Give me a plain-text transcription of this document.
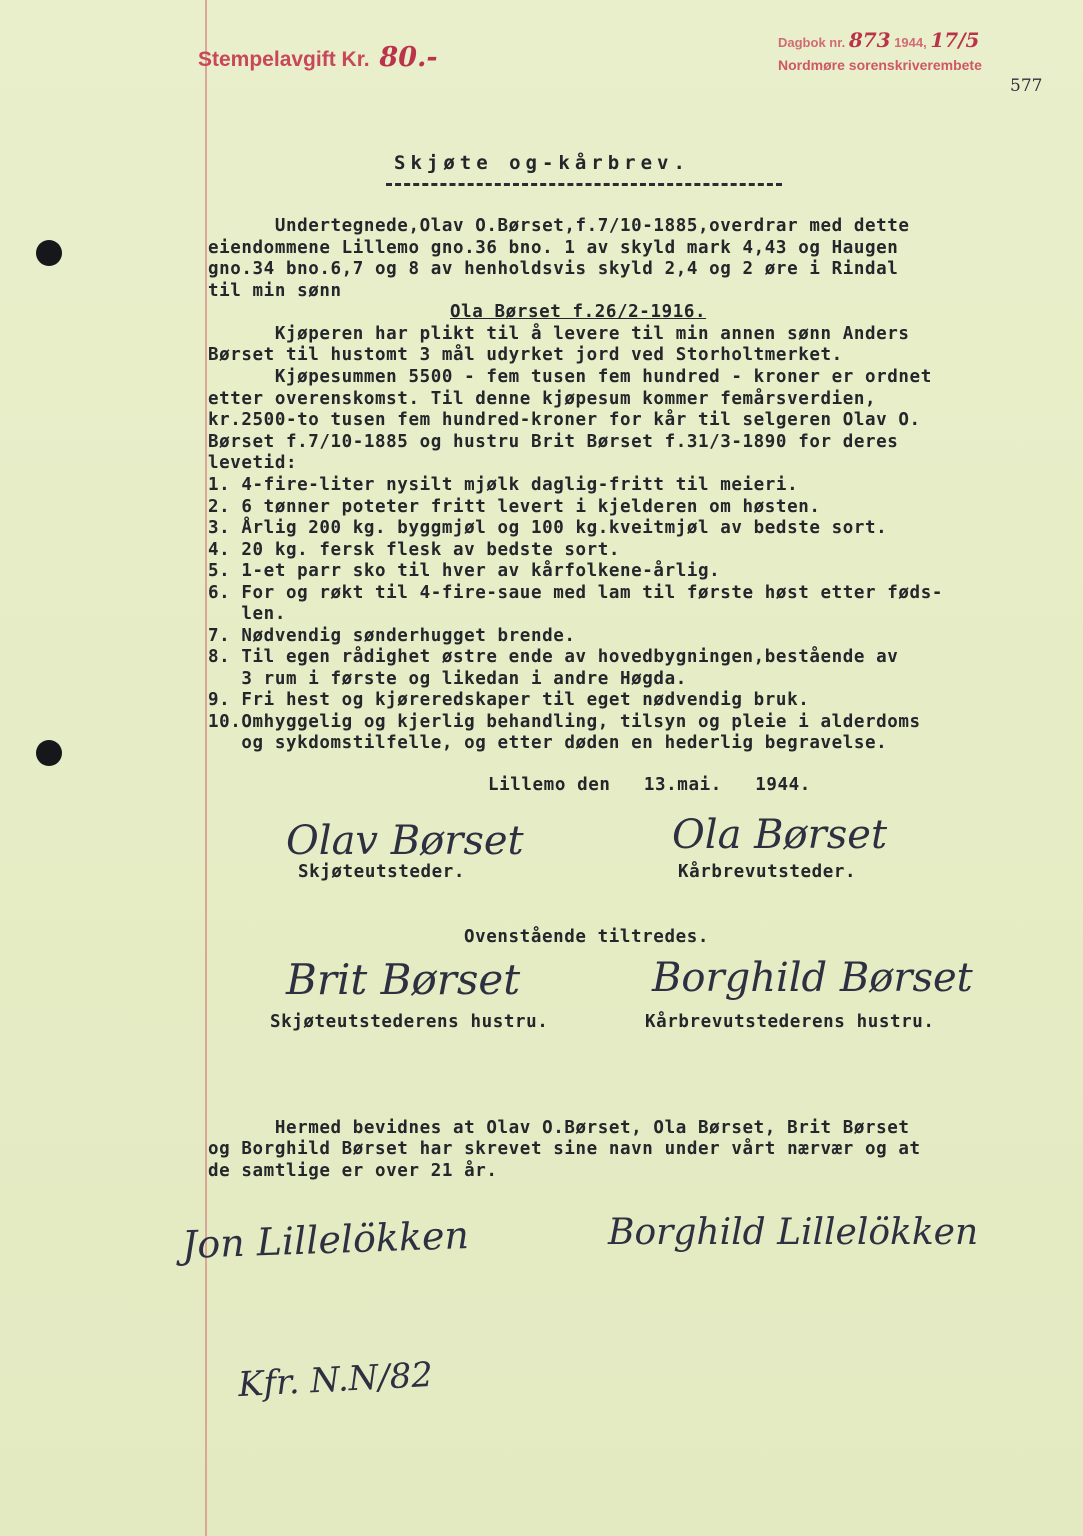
Stempelavgift Kr. 80.-	Dagbok nr. 873 1944, 17/5
Nordmøre sorenskriverembete
577
Skjøte og-kårbrev.
Undertegnede,Olav O.Børset,f.7/10-1885,overdrar med dette
eiendommene Lillemo gno.36 bno. 1 av skyld mark 4,43 og Haugen
gno.34 bno.6,7 og 8 av henholdsvis skyld 2,4 og 2 øre i Rindal
til min sønn
Ola Børset f.26/2-1916.
Kjøperen har plikt til å levere til min annen sønn Anders
Børset til hustomt 3 mål udyrket jord ved Storholtmerket.
Kjøpesummen 5500 - fem tusen fem hundred - kroner er ordnet
etter overenskomst. Til denne kjøpesum kommer femårsverdien,
kr.2500-to tusen fem hundred-kroner for kår til selgeren Olav O.
Børset f.7/10-1885 og hustru Brit Børset f.31/3-1890 for deres
levetid:
1. 4-fire-liter nysilt mjølk daglig-fritt til meieri.
2. 6 tønner poteter fritt levert i kjelderen om høsten.
3. Årlig 200 kg. byggmjøl og 100 kg.kveitmjøl av bedste sort.
4. 20 kg. fersk flesk av bedste sort.
5. 1-et parr sko til hver av kårfolkene-årlig.
6. For og røkt til 4-fire-saue med lam til første høst etter føds-
len.
7. Nødvendig sønderhugget brende.
8. Til egen rådighet østre ende av hovedbygningen,bestående av
3 rum i første og likedan i andre Høgda.
9. Fri hest og kjøreredskaper til eget nødvendig bruk.
10.Omhyggelig og kjerlig behandling, tilsyn og pleie i alderdoms
og sykdomstilfelle, og etter døden en hederlig begravelse.
Lillemo den   13.mai.   1944.
Olav Børset
Skjøteutsteder.
Ola Børset
Kårbrevutsteder.
Ovenstående tiltredes.
Brit Børset
Skjøteutstederens hustru.
Borghild Børset
Kårbrevutstederens hustru.
Hermed bevidnes at Olav O.Børset, Ola Børset, Brit Børset
og Borghild Børset har skrevet sine navn under vårt nærvær og at
de samtlige er over 21 år.
Jon Lillelökken	Borghild Lillelökken
Kfr. N.N/82
